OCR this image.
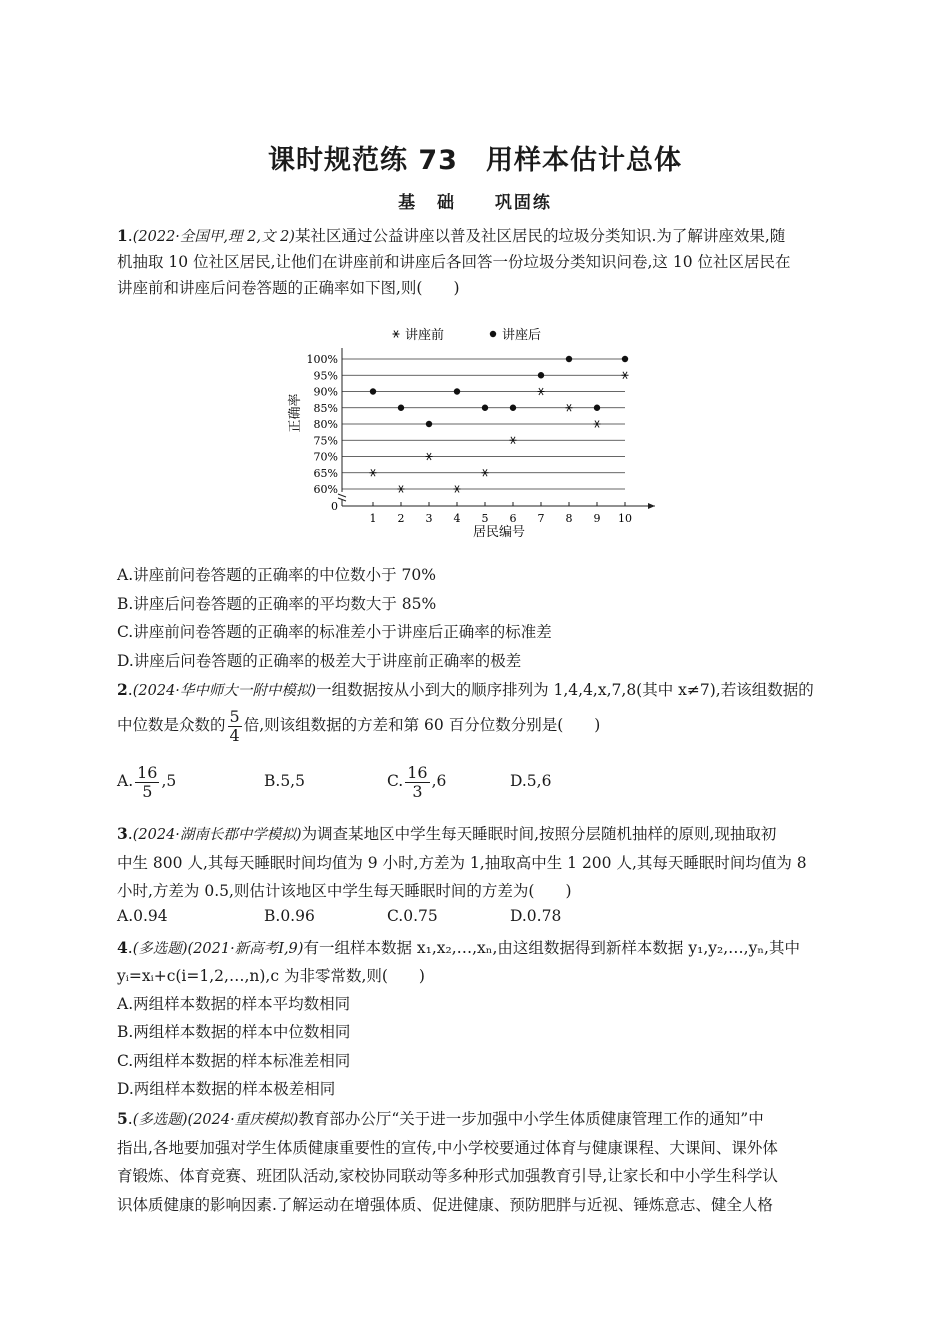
课时规范练 73　用样本估计总体
基 础　 巩固练
1.(2022·全国甲,理 2,文 2)某社区通过公益讲座以普及社区居民的垃圾分类知识.为了解讲座效果,随
机抽取 10 位社区居民,让他们在讲座前和讲座后各回答一份垃圾分类知识问卷,这 10 位社区居民在
讲座前和讲座后问卷答题的正确率如下图,则(　　)
讲座前	讲座后
0
60%
65%
70%
75%
80%
85%
90%
95%
100%
1 2 3 4 5 6 7 8 9 10
居民编号
正确率
A.讲座前问卷答题的正确率的中位数小于 70%
B.讲座后问卷答题的正确率的平均数大于 85%
C.讲座前问卷答题的正确率的标准差小于讲座后正确率的标准差
D.讲座后问卷答题的正确率的极差大于讲座前正确率的极差
2.(2024·华中师大一附中模拟)一组数据按从小到大的顺序排列为 1,4,4,x,7,8(其中 x≠7),若该组数据的
中位数是众数的 $\frac{5}{4}$ 倍,则该组数据的方差和第 60 百分位数分别是(　　)
A. $\frac{16}{5} ,5$	B.5,5	C. $\frac{16}{3} ,6$	D.5,6
3.(2024·湖南长郡中学模拟)为调查某地区中学生每天睡眠时间,按照分层随机抽样的原则,现抽取初
中生 800 人,其每天睡眠时间均值为 9 小时,方差为 1,抽取高中生 1 200 人,其每天睡眠时间均值为 8
小时,方差为 0.5,则估计该地区中学生每天睡眠时间的方差为(　　)
A.0.94	B.0.96	C.0.75	D.0.78
4.(多选题)(2021·新高考Ⅰ,9)有一组样本数据 x₁,x₂,…,xₙ,由这组数据得到新样本数据 y₁,y₂,…,yₙ,其中
yᵢ=xᵢ+c(i=1,2,…,n),c 为非零常数,则(　　)
A.两组样本数据的样本平均数相同
B.两组样本数据的样本中位数相同
C.两组样本数据的样本标准差相同
D.两组样本数据的样本极差相同
5.(多选题)(2024·重庆模拟)教育部办公厅“关于进一步加强中小学生体质健康管理工作的通知”中
指出,各地要加强对学生体质健康重要性的宣传,中小学校要通过体育与健康课程、大课间、课外体
育锻炼、体育竞赛、班团队活动,家校协同联动等多种形式加强教育引导,让家长和中小学生科学认
识体质健康的影响因素.了解运动在增强体质、促进健康、预防肥胖与近视、锤炼意志、健全人格
